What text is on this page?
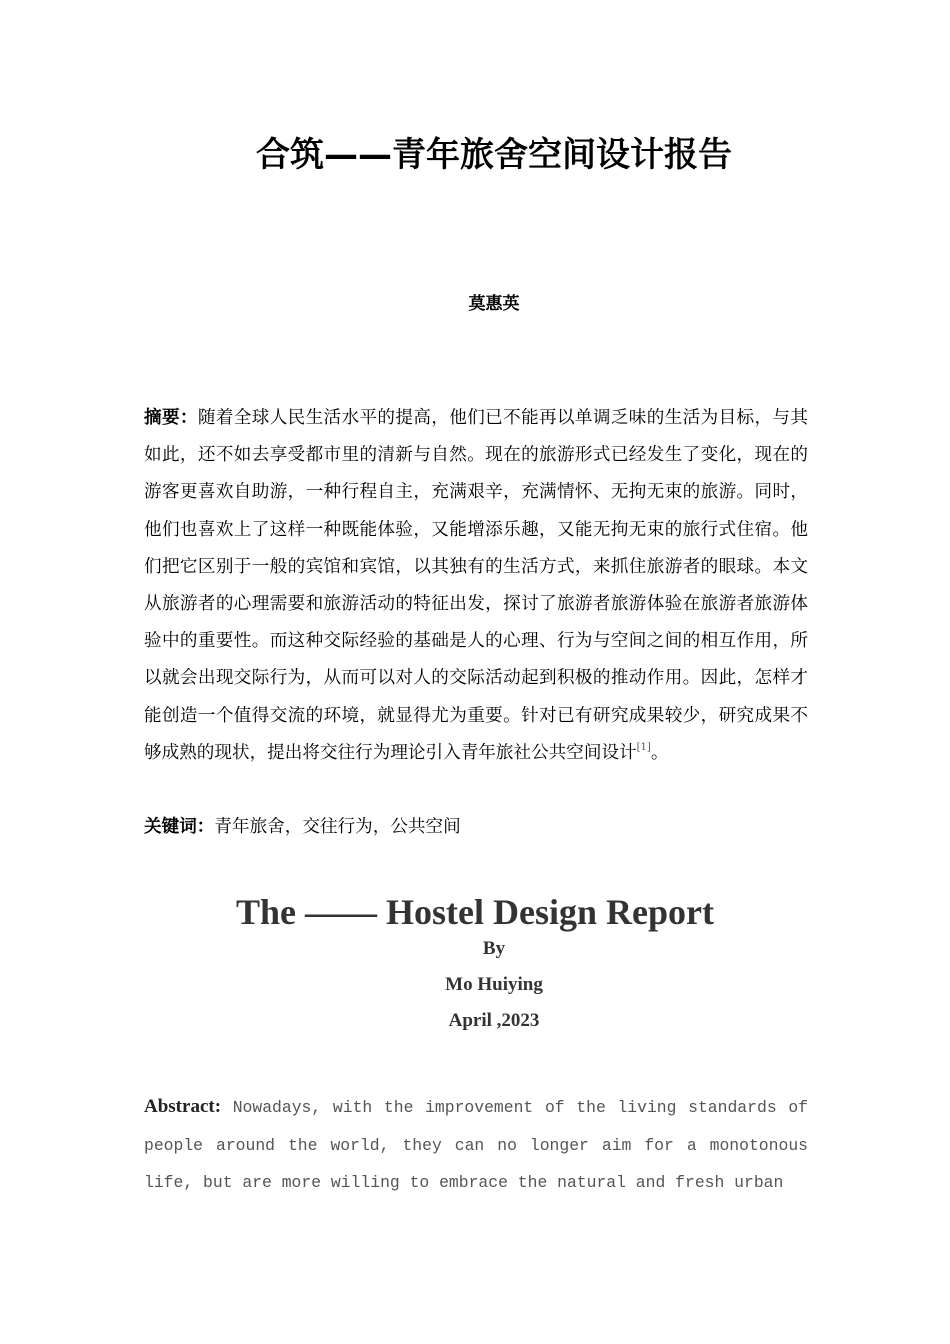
合筑——青年旅舍空间设计报告
莫惠英

摘要：随着全球人民生活水平的提高，他们已不能再以单调乏味的生活为目标，与其如此，还不如去享受都市里的清新与自然。现在的旅游形式已经发生了变化，现在的游客更喜欢自助游，一种行程自主，充满艰辛，充满情怀、无拘无束的旅游。同时，他们也喜欢上了这样一种既能体验，又能增添乐趣，又能无拘无束的旅行式住宿。他们把它区别于一般的宾馆和宾馆，以其独有的生活方式，来抓住旅游者的眼球。本文从旅游者的心理需要和旅游活动的特征出发，探讨了旅游者旅游体验在旅游者旅游体验中的重要性。而这种交际经验的基础是人的心理、行为与空间之间的相互作用，所以就会出现交际行为，从而可以对人的交际活动起到积极的推动作用。因此，怎样才能创造一个值得交流的环境，就显得尤为重要。针对已有研究成果较少，研究成果不够成熟的现状，提出将交往行为理论引入青年旅社公共空间设计[1]。

关键词：青年旅舍，交往行为，公共空间

The —— Hostel Design Report
By
Mo Huiying
April ,2023

Abstract: Nowadays, with the improvement of the living standards of people around the world, they can no longer aim for a monotonous life, but are more willing to embrace the natural and fresh urban
